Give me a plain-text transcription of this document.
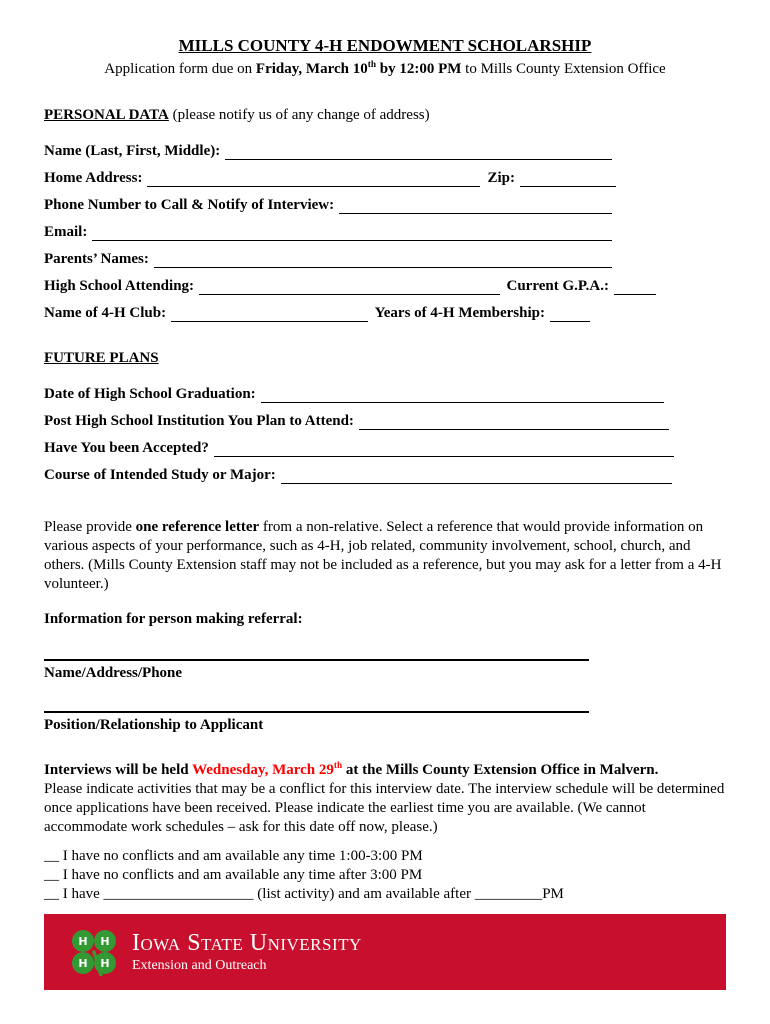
MILLS COUNTY 4-H ENDOWMENT SCHOLARSHIP
Application form due on Friday, March 10th by 12:00 PM to Mills County Extension Office
PERSONAL DATA (please notify us of any change of address)
Name (Last, First, Middle):
Home Address:	Zip:
Phone Number to Call & Notify of Interview:
Email:
Parents’ Names:
High School Attending:	Current G.P.A.:
Name of 4-H Club:	Years of 4-H Membership:
FUTURE PLANS
Date of High School Graduation:
Post High School Institution You Plan to Attend:
Have You been Accepted?
Course of Intended Study or Major:
Please provide one reference letter from a non-relative. Select a reference that would provide information on various aspects of your performance, such as 4-H, job related, community involvement, school, church, and others. (Mills County Extension staff may not be included as a reference, but you may ask for a letter from a 4-H volunteer.)
Information for person making referral:
Name/Address/Phone
Position/Relationship to Applicant
Interviews will be held Wednesday, March 29th at the Mills County Extension Office in Malvern.
Please indicate activities that may be a conflict for this interview date. The interview schedule will be determined once applications have been received. Please indicate the earliest time you are available. (We cannot accommodate work schedules – ask for this date off now, please.)
__ I have no conflicts and am available any time 1:00-3:00 PM
__ I have no conflicts and am available any time after 3:00 PM
__ I have ____________________ (list activity) and am available after _________PM
H H
H H
Iowa State University
Extension and Outreach
